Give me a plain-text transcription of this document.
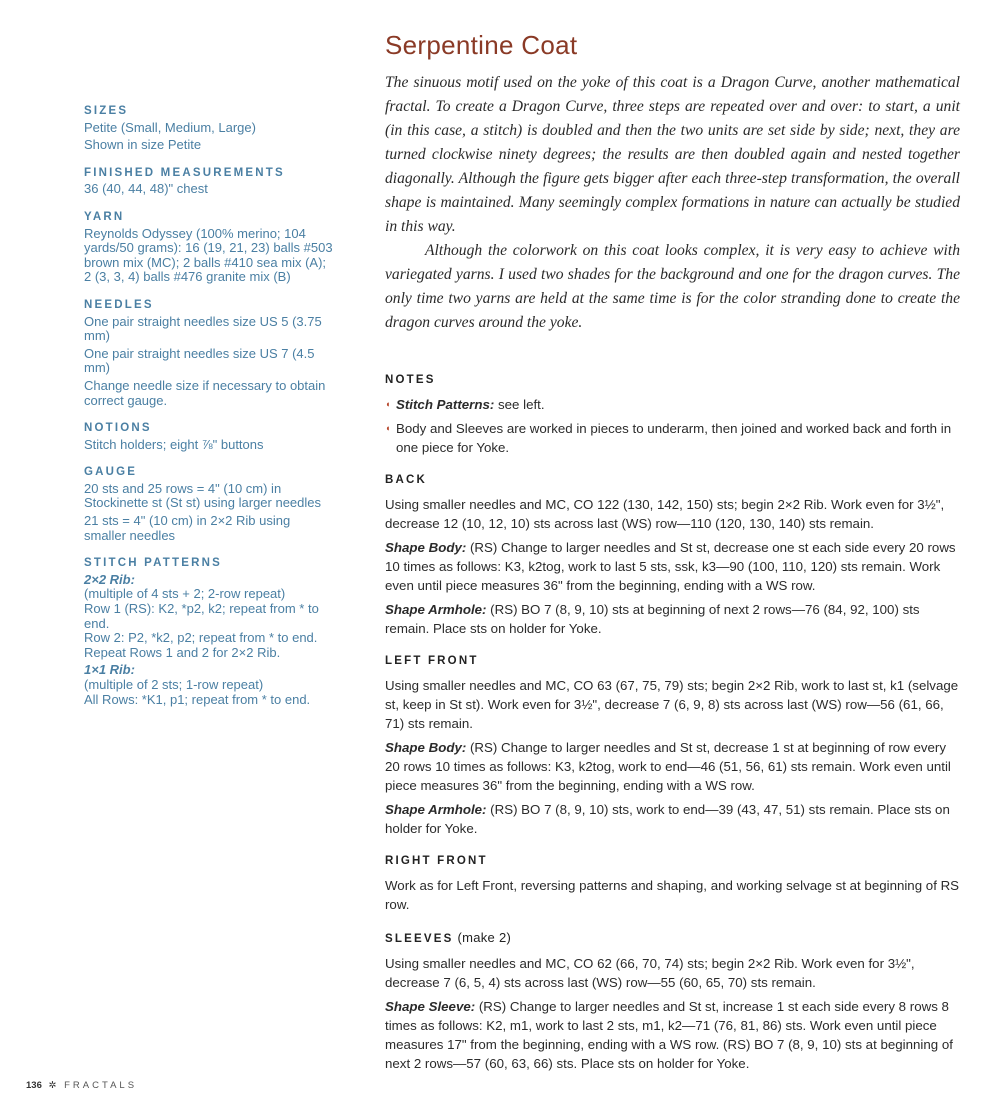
SIZES
Petite (Small, Medium, Large)
Shown in size Petite
FINISHED MEASUREMENTS
36 (40, 44, 48)" chest
YARN
Reynolds Odyssey (100% merino; 104 yards/50 grams): 16 (19, 21, 23) balls #503 brown mix (MC); 2 balls #410 sea mix (A); 2 (3, 3, 4) balls #476 granite mix (B)
NEEDLES
One pair straight needles size US 5 (3.75 mm)
One pair straight needles size US 7 (4.5 mm)
Change needle size if necessary to obtain correct gauge.
NOTIONS
Stitch holders; eight ⅞" buttons
GAUGE
20 sts and 25 rows = 4" (10 cm) in Stockinette st (St st) using larger needles
21 sts = 4" (10 cm) in 2×2 Rib using smaller needles
STITCH PATTERNS
2×2 Rib:
(multiple of 4 sts + 2; 2-row repeat)
Row 1 (RS): K2, *p2, k2; repeat from * to end.
Row 2: P2, *k2, p2; repeat from * to end.
Repeat Rows 1 and 2 for 2×2 Rib.
1×1 Rib:
(multiple of 2 sts; 1-row repeat)
All Rows: *K1, p1; repeat from * to end.
Serpentine Coat

The sinuous motif used on the yoke of this coat is a Dragon Curve, another mathematical fractal. To create a Dragon Curve, three steps are repeated over and over: to start, a unit (in this case, a stitch) is doubled and then the two units are set side by side; next, they are turned clockwise ninety degrees; the results are then doubled again and nested together diagonally. Although the figure gets bigger after each three-step transformation, the overall shape is maintained. Many seemingly complex formations in nature can actually be studied in this way.

Although the colorwork on this coat looks complex, it is very easy to achieve with variegated yarns. I used two shades for the background and one for the dragon curves. The only time two yarns are held at the same time is for the color stranding done to create the dragon curves around the yoke.

NOTES
◖ Stitch Patterns: see left.
◖ Body and Sleeves are worked in pieces to underarm, then joined and worked back and forth in one piece for Yoke.
BACK

Using smaller needles and MC, CO 122 (130, 142, 150) sts; begin 2×2 Rib. Work even for 3½", decrease 12 (10, 12, 10) sts across last (WS) row—110 (120, 130, 140) sts remain.

Shape Body: (RS) Change to larger needles and St st, decrease one st each side every 20 rows 10 times as follows: K3, k2tog, work to last 5 sts, ssk, k3—90 (100, 110, 120) sts remain. Work even until piece measures 36" from the beginning, ending with a WS row.

Shape Armhole: (RS) BO 7 (8, 9, 10) sts at beginning of next 2 rows—76 (84, 92, 100) sts remain. Place sts on holder for Yoke.

LEFT FRONT

Using smaller needles and MC, CO 63 (67, 75, 79) sts; begin 2×2 Rib, work to last st, k1 (selvage st, keep in St st). Work even for 3½", decrease 7 (6, 9, 8) sts across last (WS) row—56 (61, 66, 71) sts remain.

Shape Body: (RS) Change to larger needles and St st, decrease 1 st at beginning of row every 20 rows 10 times as follows: K3, k2tog, work to end—46 (51, 56, 61) sts remain. Work even until piece measures 36" from the beginning, ending with a WS row.

Shape Armhole: (RS) BO 7 (8, 9, 10) sts, work to end—39 (43, 47, 51) sts remain. Place sts on holder for Yoke.

RIGHT FRONT

Work as for Left Front, reversing patterns and shaping, and working selvage st at beginning of RS row.

SLEEVES (make 2)

Using smaller needles and MC, CO 62 (66, 70, 74) sts; begin 2×2 Rib. Work even for 3½", decrease 7 (6, 5, 4) sts across last (WS) row—55 (60, 65, 70) sts remain.

Shape Sleeve: (RS) Change to larger needles and St st, increase 1 st each side every 8 rows 8 times as follows: K2, m1, work to last 2 sts, m1, k2—71 (76, 81, 86) sts. Work even until piece measures 17" from the beginning, ending with a WS row. (RS) BO 7 (8, 9, 10) sts at beginning of next 2 rows—57 (60, 63, 66) sts. Place sts on holder for Yoke.

136 ✲ FRACTALS
